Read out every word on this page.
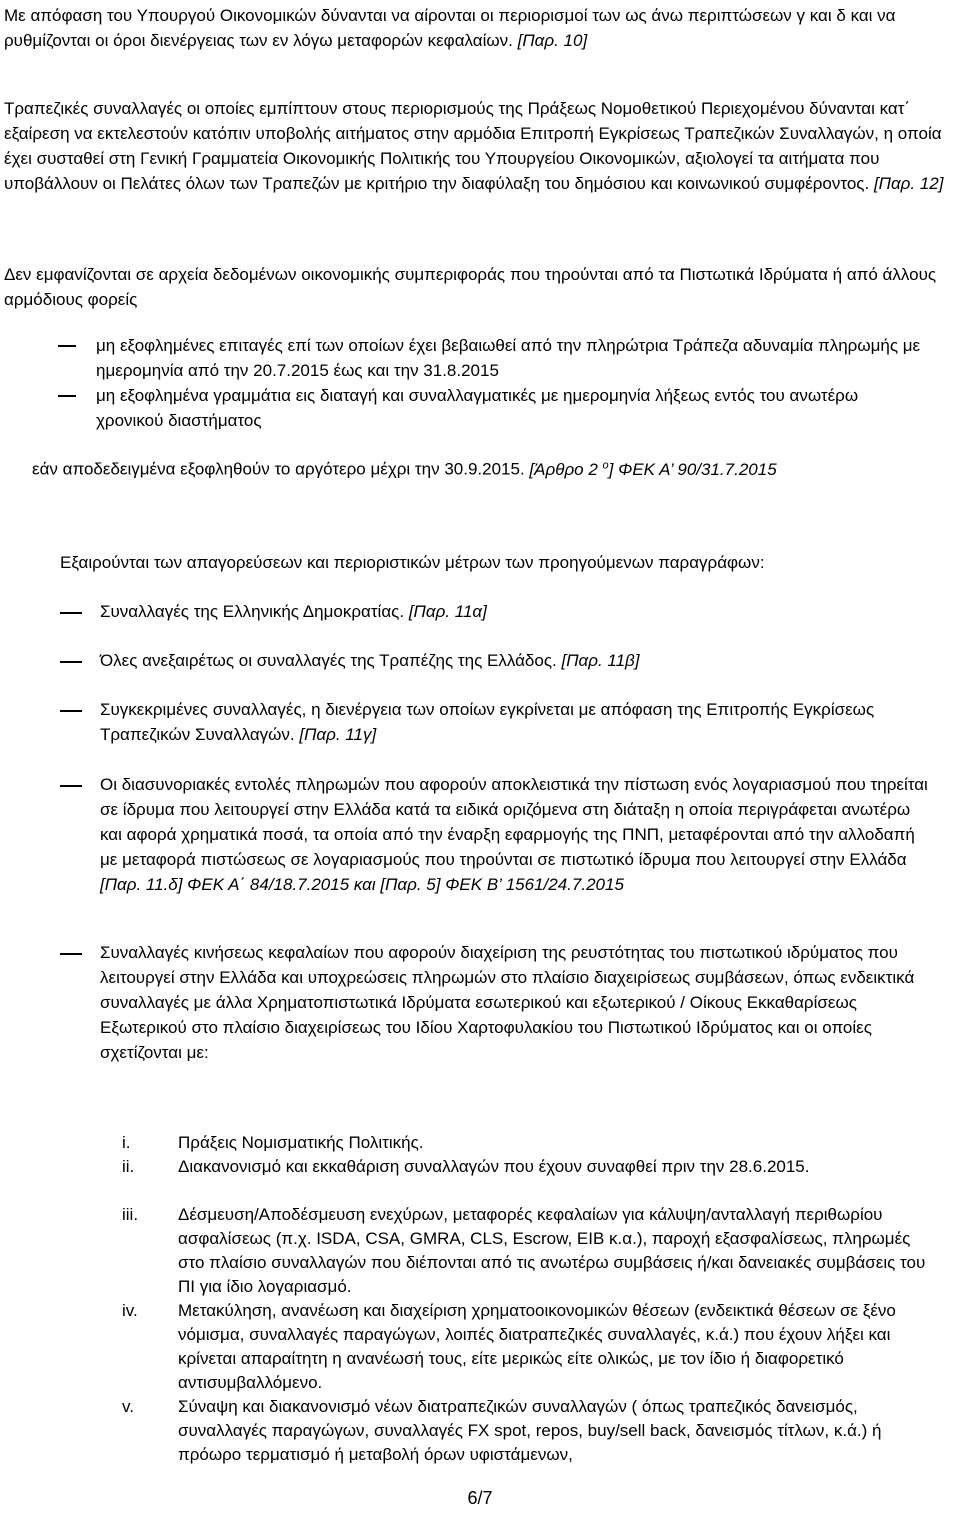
Με απόφαση του Υπουργού Οικονομικών δύνανται να αίρονται οι περιορισμοί των ως άνω περιπτώσεων γ και δ και να ρυθμίζονται οι όροι διενέργειας των εν λόγω μεταφορών κεφαλαίων. [Παρ. 10]
Τραπεζικές συναλλαγές οι οποίες εμπίπτουν στους περιορισμούς της Πράξεως Νομοθετικού Περιεχομένου δύνανται κατ΄ εξαίρεση να εκτελεστούν κατόπιν υποβολής αιτήματος στην αρμόδια Επιτροπή Εγκρίσεως Τραπεζικών Συναλλαγών, η οποία έχει συσταθεί στη Γενική Γραμματεία Οικονομικής Πολιτικής του Υπουργείου Οικονομικών, αξιολογεί τα αιτήματα που υποβάλλουν οι Πελάτες όλων των Τραπεζών με κριτήριο την διαφύλαξη του δημόσιου και κοινωνικού συμφέροντος. [Παρ. 12]
Δεν εμφανίζονται σε αρχεία δεδομένων οικονομικής συμπεριφοράς που τηρούνται από τα Πιστωτικά Ιδρύματα ή από άλλους αρμόδιους φορείς
μη εξοφλημένες επιταγές επί των οποίων έχει βεβαιωθεί από την πληρώτρια Τράπεζα αδυναμία πληρωμής με ημερομηνία από την 20.7.2015 έως και την 31.8.2015
μη εξοφλημένα γραμμάτια εις διαταγή και συναλλαγματικές με ημερομηνία λήξεως εντός του ανωτέρω χρονικού διαστήματος
εάν αποδεδειγμένα εξοφληθούν το αργότερο μέχρι την 30.9.2015. [Άρθρο 2 $^o$] ΦΕΚ Α’ 90/31.7.2015
Εξαιρούνται των απαγορεύσεων και περιοριστικών μέτρων των προηγούμενων παραγράφων:
Συναλλαγές της Ελληνικής Δημοκρατίας. [Παρ. 11α]
Όλες ανεξαιρέτως οι συναλλαγές της Τραπέζης της Ελλάδος. [Παρ. 11β]
Συγκεκριμένες συναλλαγές, η διενέργεια των οποίων εγκρίνεται με απόφαση της Επιτροπής Εγκρίσεως Τραπεζικών Συναλλαγών. [Παρ. 11γ]
Οι διασυνοριακές εντολές πληρωμών που αφορούν αποκλειστικά την πίστωση ενός λογαριασμού που τηρείται σε ίδρυμα που λειτουργεί στην Ελλάδα κατά τα ειδικά οριζόμενα στη διάταξη η οποία περιγράφεται ανωτέρω και αφορά χρηματικά ποσά, τα οποία από την έναρξη εφαρμογής της ΠΝΠ, μεταφέρονται από την αλλοδαπή με μεταφορά πιστώσεως σε λογαριασμούς που τηρούνται σε πιστωτικό ίδρυμα που λειτουργεί στην Ελλάδα [Παρ. 11.δ] ΦΕΚ Α΄ 84/18.7.2015 και [Παρ. 5] ΦΕΚ Β’ 1561/24.7.2015
Συναλλαγές κινήσεως κεφαλαίων που αφορούν διαχείριση της ρευστότητας του πιστωτικού ιδρύματος που λειτουργεί στην Ελλάδα και υποχρεώσεις πληρωμών στο πλαίσιο διαχειρίσεως συμβάσεων, όπως ενδεικτικά συναλλαγές με άλλα Χρηματοπιστωτικά Ιδρύματα εσωτερικού και εξωτερικού / Οίκους Εκκαθαρίσεως Εξωτερικού στο πλαίσιο διαχειρίσεως του Ιδίου Χαρτοφυλακίου του Πιστωτικού Ιδρύματος και οι οποίες σχετίζονται με:
i.	Πράξεις Νομισματικής Πολιτικής.
ii.	Διακανονισμό και εκκαθάριση συναλλαγών που έχουν συναφθεί πριν την 28.6.2015.
iii. Δέσμευση/Αποδέσμευση ενεχύρων, μεταφορές κεφαλαίων για κάλυψη/ανταλλαγή περιθωρίου ασφαλίσεως (π.χ. ISDA, CSA, GMRA, CLS, Escrow, EIB κ.α.), παροχή εξασφαλίσεως, πληρωμές στο πλαίσιο συναλλαγών που διέπονται από τις ανωτέρω συμβάσεις ή/και δανειακές συμβάσεις του ΠΙ για ίδιο λογαριασμό.
iv. Μετακύληση, ανανέωση και διαχείριση χρηματοοικονομικών θέσεων (ενδεικτικά θέσεων σε ξένο νόμισμα, συναλλαγές παραγώγων, λοιπές διατραπεζικές συναλλαγές, κ.ά.) που έχουν λήξει και κρίνεται απαραίτητη η ανανέωσή τους, είτε μερικώς είτε ολικώς, με τον ίδιο ή διαφορετικό αντισυμβαλλόμενο.
v.	Σύναψη και διακανονισμό νέων διατραπεζικών συναλλαγών ( όπως τραπεζικός δανεισμός, συναλλαγές παραγώγων, συναλλαγές FX spot, repos, buy/sell back, δανεισμός τίτλων, κ.ά.) ή πρόωρο τερματισμό ή μεταβολή όρων υφιστάμενων,
6/7
